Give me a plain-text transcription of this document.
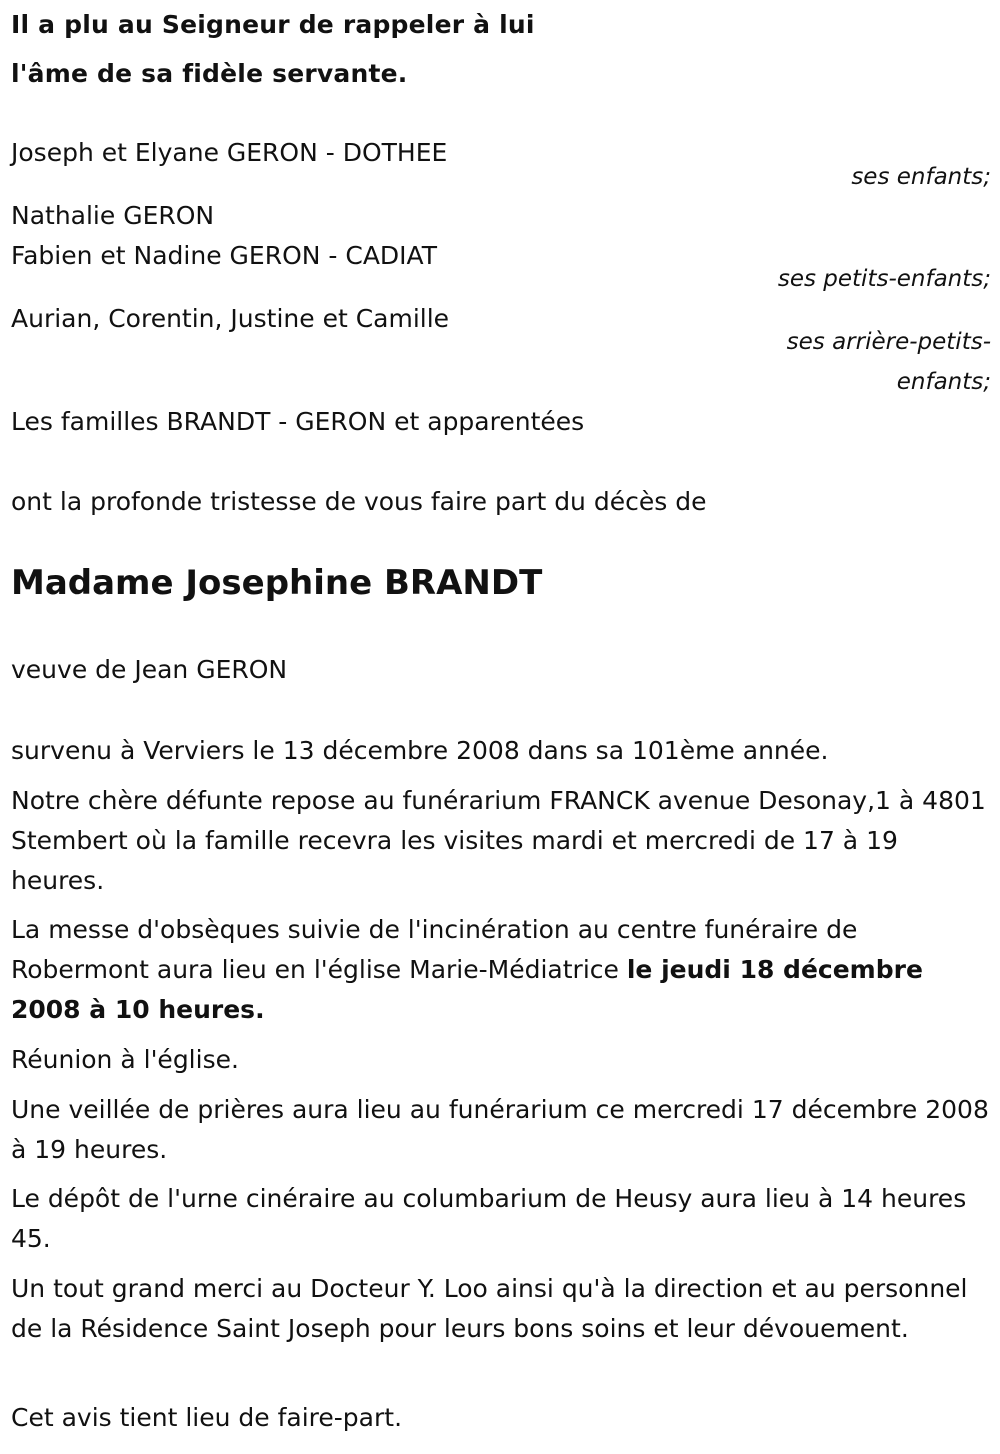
Il a plu au Seigneur de rappeler à lui
l'âme de sa fidèle servante.
Joseph et Elyane GERON - DOTHEE
ses enfants;
Nathalie GERON
Fabien et Nadine GERON - CADIAT
ses petits-enfants;
Aurian, Corentin, Justine et Camille
ses arrière-petits-
enfants;
Les familles BRANDT - GERON et apparentées
ont la profonde tristesse de vous faire part du décès de
Madame Josephine BRANDT
veuve de Jean GERON
survenu à Verviers le 13 décembre 2008 dans sa 101ème année.
Notre chère défunte repose au funérarium FRANCK avenue Desonay,1 à 4801 Stembert où la famille recevra les visites mardi et mercredi de 17 à 19 heures.
La messe d'obsèques suivie de l'incinération au centre funéraire de Robermont aura lieu en l'église Marie-Médiatrice le jeudi 18 décembre 2008 à 10 heures.
Réunion à l'église.
Une veillée de prières aura lieu au funérarium ce mercredi 17 décembre 2008 à 19 heures.
Le dépôt de l'urne cinéraire au columbarium de Heusy aura lieu à 14 heures 45.
Un tout grand merci au Docteur Y. Loo ainsi qu'à la direction et au personnel de la Résidence Saint Joseph pour leurs bons soins et leur dévouement.
Cet avis tient lieu de faire-part.
